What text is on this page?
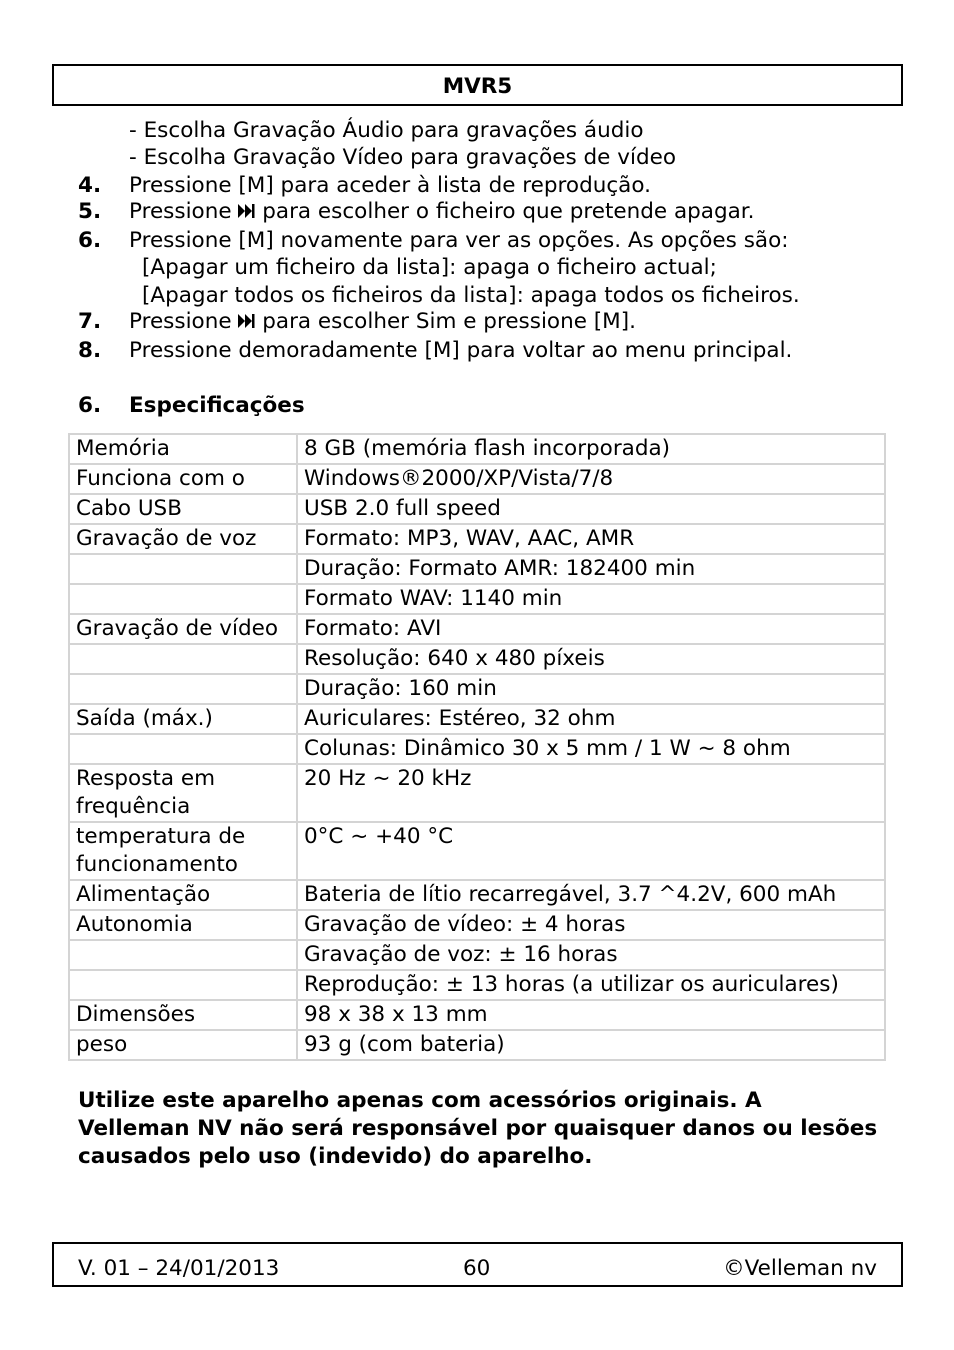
MVR5
- Escolha Gravação Áudio para gravações áudio
- Escolha Gravação Vídeo para gravações de vídeo
4. Pressione [M] para aceder à lista de reprodução.
5. Pressione para escolher o ficheiro que pretende apagar.
6. Pressione [M] novamente para ver as opções. As opções são:
[Apagar um ficheiro da lista]: apaga o ficheiro actual;
[Apagar todos os ficheiros da lista]: apaga todos os ficheiros.
7. Pressione para escolher Sim e pressione [M].
8. Pressione demoradamente [M] para voltar ao menu principal.
6. Especificações
Memória	8 GB (memória flash incorporada)
Funciona com o	Windows®2000/XP/Vista/7/8
Cabo USB	USB 2.0 full speed
Gravação de voz	Formato: MP3, WAV, AAC, AMR
	Duração: Formato AMR: 182400 min
	Formato WAV: 1140 min
Gravação de vídeo	Formato: AVI
	Resolução: 640 x 480 píxeis
	Duração: 160 min
Saída (máx.)	Auriculares: Estéreo, 32 ohm
	Colunas: Dinâmico 30 x 5 mm / 1 W ~ 8 ohm
Resposta em frequência	20 Hz ~ 20 kHz
temperatura de funcionamento	0°C ~ +40 °C
Alimentação	Bateria de lítio recarregável, 3.7 ^4.2V, 600 mAh
Autonomia	Gravação de vídeo: ± 4 horas
	Gravação de voz: ± 16 horas
	Reprodução: ± 13 horas (a utilizar os auriculares)
Dimensões	98 x 38 x 13 mm
peso	93 g (com bateria)
Utilize este aparelho apenas com acessórios originais. A Velleman NV não será responsável por quaisquer danos ou lesões causados pelo uso (indevido) do aparelho.
V. 01 – 24/01/2013	60	©Velleman nv
